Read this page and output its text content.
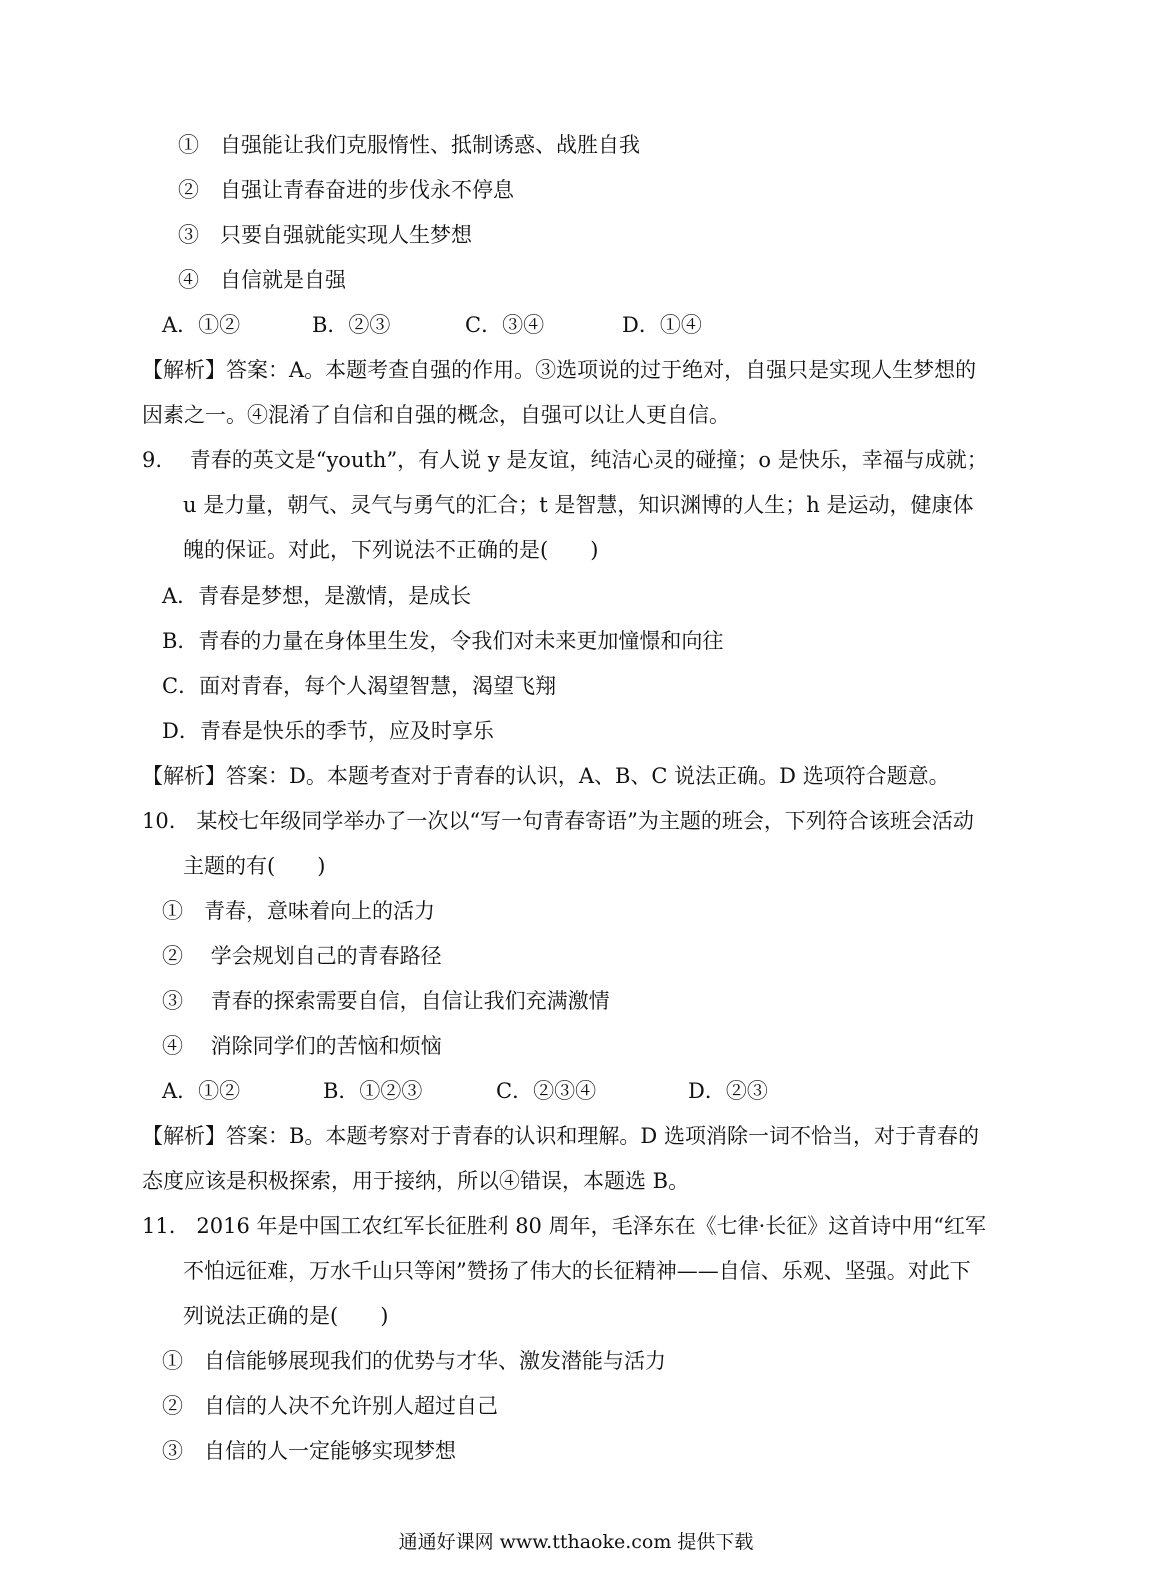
①　自强能让我们克服惰性、抵制诱惑、战胜自我
②　自强让青春奋进的步伐永不停息
③　只要自强就能实现人生梦想
④　自信就是自强
A．①②	B．②③	C．③④	D．①④
【解析】答案：A。本题考查自强的作用。③选项说的过于绝对，自强只是实现人生梦想的
因素之一。④混淆了自信和自强的概念，自强可以让人更自信。
9.　 青春的英文是“youth”，有人说 y 是友谊，纯洁心灵的碰撞；o 是快乐，幸福与成就；
u 是力量，朝气、灵气与勇气的汇合；t 是智慧，知识渊博的人生；h 是运动，健康体
魄的保证。对此，下列说法不正确的是(　　)
A．青春是梦想，是激情，是成长
B．青春的力量在身体里生发，令我们对未来更加憧憬和向往
C．面对青春，每个人渴望智慧，渴望飞翔
D．青春是快乐的季节，应及时享乐
【解析】答案：D。本题考查对于青春的认识，A、B、C 说法正确。D 选项符合题意。
10.　某校七年级同学举办了一次以“写一句青春寄语”为主题的班会，下列符合该班会活动
主题的有(　　)
①　青春，意味着向上的活力
②　 学会规划自己的青春路径
③　 青春的探索需要自信，自信让我们充满激情
④　 消除同学们的苦恼和烦恼
A．①②	B．①②③	C．②③④	D．②③
【解析】答案：B。本题考察对于青春的认识和理解。D 选项消除一词不恰当，对于青春的
态度应该是积极探索，用于接纳，所以④错误，本题选 B。
11.　2016 年是中国工农红军长征胜利 80 周年，毛泽东在《七律·长征》这首诗中用“红军
不怕远征难，万水千山只等闲”赞扬了伟大的长征精神——自信、乐观、坚强。对此下
列说法正确的是(　　)
①　自信能够展现我们的优势与才华、激发潜能与活力
②　自信的人决不允许别人超过自己
③　自信的人一定能够实现梦想
通通好课网 www.tthaoke.com 提供下载
